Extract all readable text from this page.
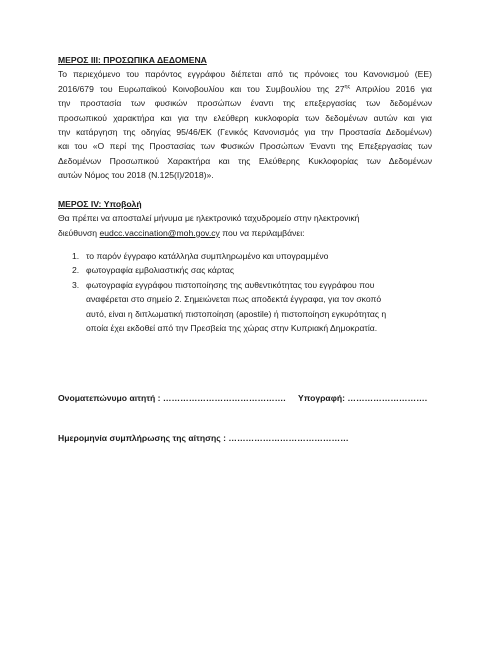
ΜΕΡΟΣ ΙΙΙ: ΠΡΟΣΩΠΙΚΑ ΔΕΔΟΜΕΝΑ
Το περιεχόμενο του παρόντος εγγράφου διέπεται από τις πρόνοιες του Κανονισμού (ΕΕ)
2016/679 του Ευρωπαϊκού Κοινοβουλίου και του Συμβουλίου της $27^{\eta\varsigma}$ Απριλίου 2016 για
την προστασία των φυσικών προσώπων έναντι της επεξεργασίας των δεδομένων
προσωπικού χαρακτήρα και για την ελεύθερη κυκλοφορία των δεδομένων αυτών και για
την κατάργηση της οδηγίας 95/46/ΕΚ (Γενικός Κανονισμός για την Προστασία Δεδομένων)
και του «Ο περί της Προστασίας των Φυσικών Προσώπων Έναντι της Επεξεργασίας των
Δεδομένων Προσωπικού Χαρακτήρα και της Ελεύθερης Κυκλοφορίας των Δεδομένων
αυτών Νόμος του 2018 (Ν.125(Ι)/2018)».
ΜΕΡΟΣ ΙV: Υποβολή
Θα πρέπει να αποσταλεί μήνυμα με ηλεκτρονικό ταχυδρομείο στην ηλεκτρονική
διεύθυνση eudcc.vaccination@moh.gov.cy που να περιλαμβάνει:
1. το παρόν έγγραφο κατάλληλα συμπληρωμένο και υπογραμμένο
2. φωτογραφία εμβολιαστικής σας κάρτας
3. φωτογραφία εγγράφου πιστοποίησης της αυθεντικότητας του εγγράφου που
αναφέρεται στο σημείο 2. Σημειώνεται πως αποδεκτά έγγραφα, για τον σκοπό
αυτό, είναι η διπλωματική πιστοποίηση (apostile) ή πιστοποίηση εγκυρότητας η
οποία έχει εκδοθεί από την Πρεσβεία της χώρας στην Κυπριακή Δημοκρατία.
Ονοματεπώνυμο αιτητή : ……………………………………. Υπογραφή: ……………………….
Ημερομηνία συμπλήρωσης της αίτησης : ……………………………………
